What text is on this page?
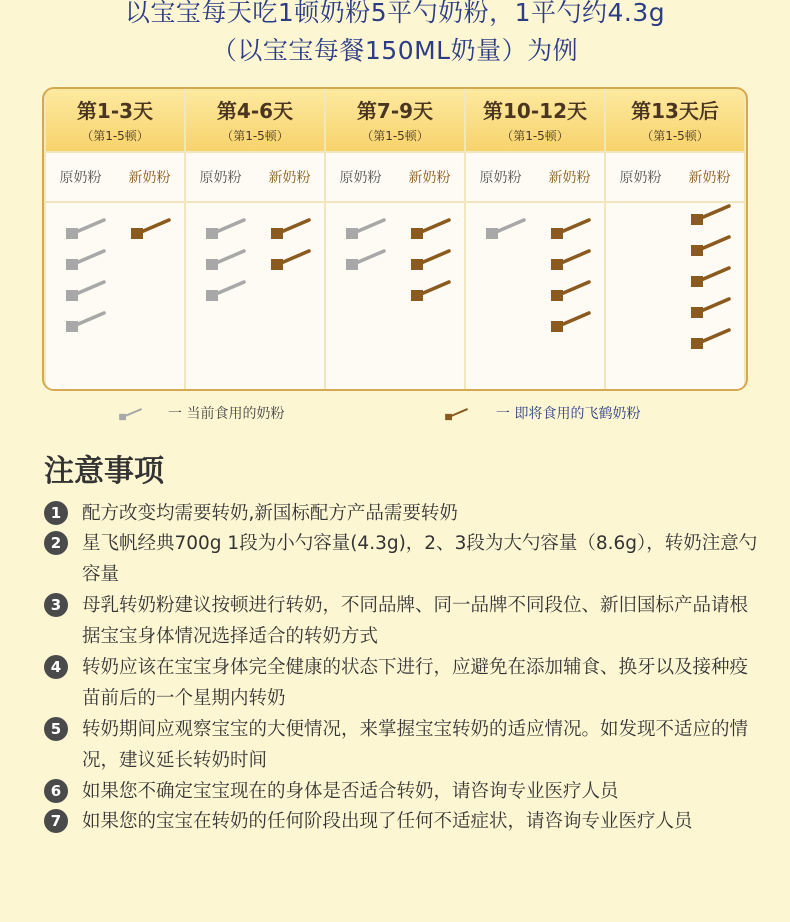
以宝宝每天吃1顿奶粉5平勺奶粉，1平勺约4.3g
（以宝宝每餐150ML奶量）为例
第1-3天
（第1-5顿）
原奶粉	新奶粉
第4-6天
（第1-5顿）
原奶粉	新奶粉
第7-9天
（第1-5顿）
原奶粉	新奶粉
第10-12天
（第1-5顿）
原奶粉	新奶粉
第13天后
（第1-5顿）
原奶粉	新奶粉
一 当前食用的奶粉	一 即将食用的飞鹤奶粉
注意事项
1	配方改变均需要转奶,新国标配方产品需要转奶
2	星飞帆经典700g 1段为小勺容量(4.3g)，2、3段为大勺容量（8.6g），转奶注意勺容量
3	母乳转奶粉建议按顿进行转奶，不同品牌、同一品牌不同段位、新旧国标产品请根据宝宝身体情况选择适合的转奶方式
4	转奶应该在宝宝身体完全健康的状态下进行，应避免在添加辅食、换牙以及接种疫苗前后的一个星期内转奶
5	转奶期间应观察宝宝的大便情况，来掌握宝宝转奶的适应情况。如发现不适应的情况，建议延长转奶时间
6	如果您不确定宝宝现在的身体是否适合转奶，请咨询专业医疗人员
7	如果您的宝宝在转奶的任何阶段出现了任何不适症状，请咨询专业医疗人员
